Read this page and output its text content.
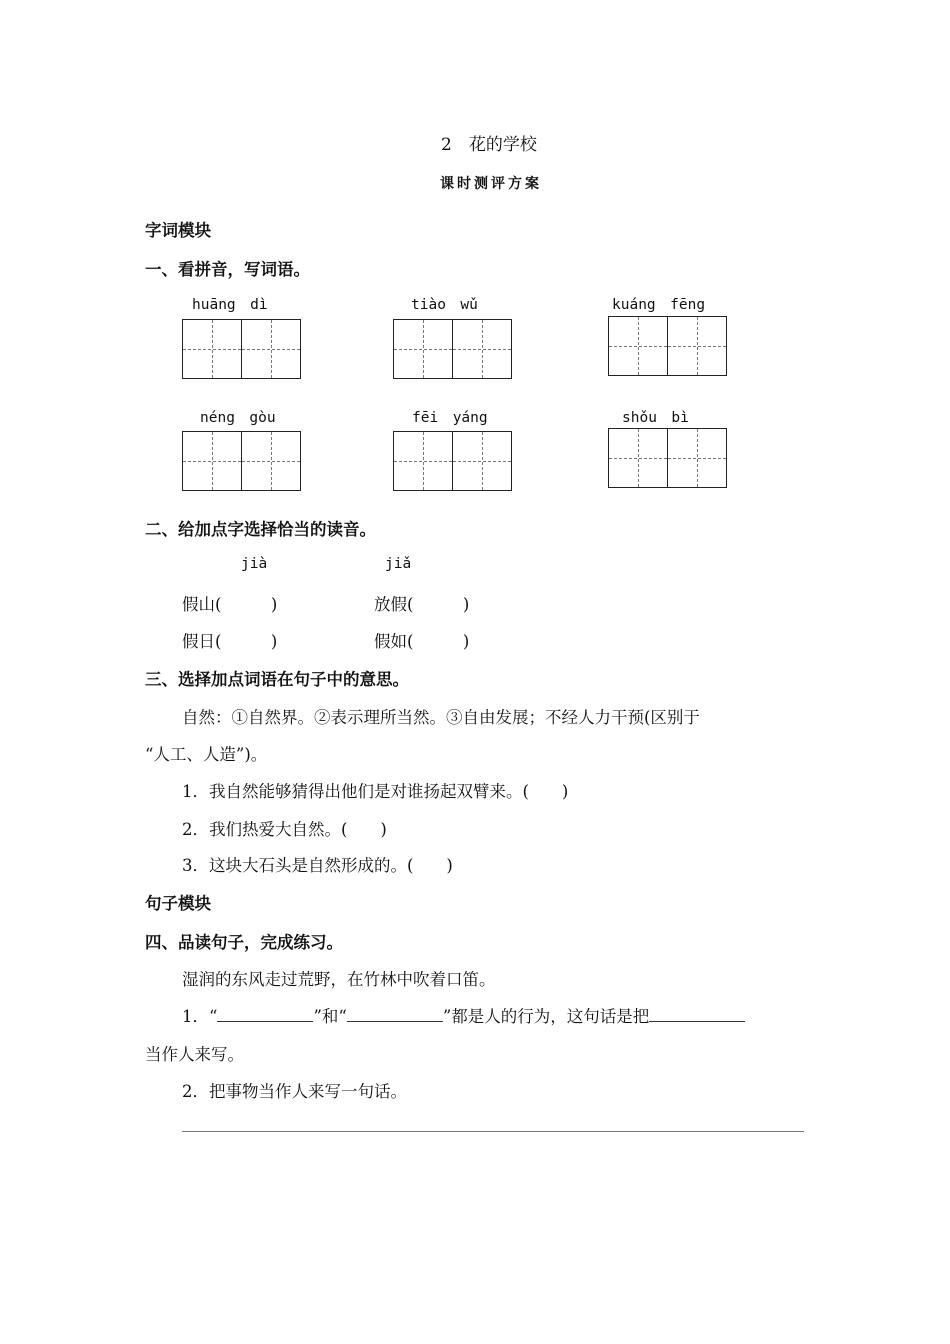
2　花的学校
课时测评方案
字词模块
一、看拼音，写词语。
huāng　dì	tiào　wǔ	kuáng　fēng
néng　gòu	fēi　yáng	shǒu　bì
二、给加点字选择恰当的读音。
jià	jiǎ
假山(　　　)	放假(　　　)
假日(　　　)	假如(　　　)
三、选择加点词语在句子中的意思。
自然：①自然界。②表示理所当然。③自由发展；不经人力干预(区别于
“人工、人造”)。
1．我自然能够猜得出他们是对谁扬起双臂来。(　　)
2．我们热爱大自然。(　　)
3．这块大石头是自然形成的。(　　)
句子模块
四、品读句子，完成练习。
湿润的东风走过荒野，在竹林中吹着口笛。
1．“	”和“	”都是人的行为，这句话是把
当作人来写。
2．把事物当作人来写一句话。
